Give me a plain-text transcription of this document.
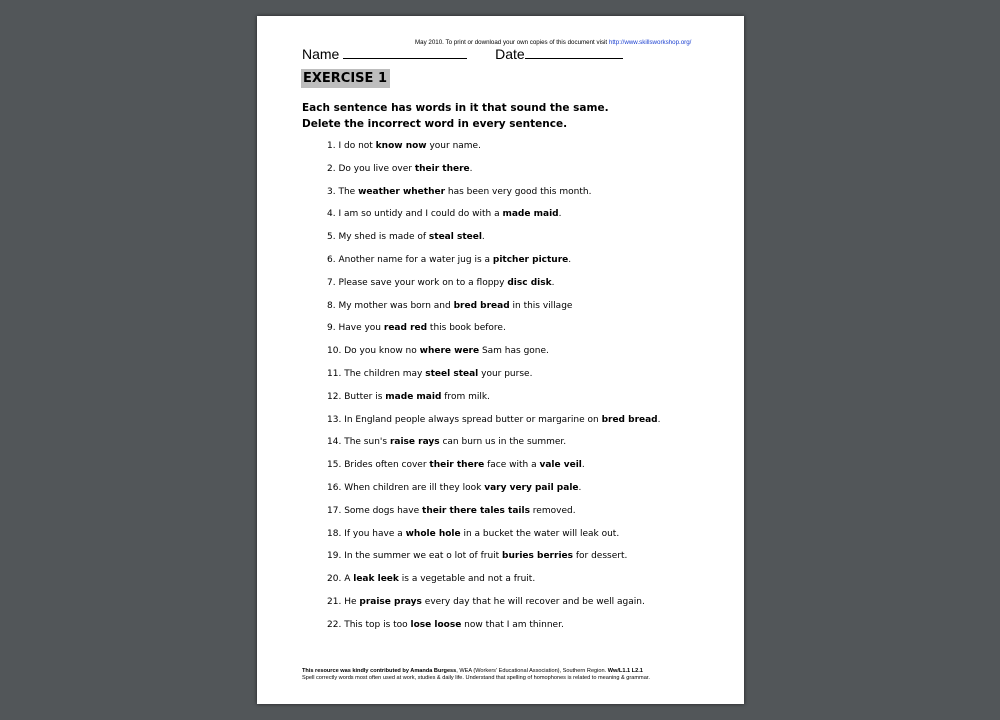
May 2010. To print or download your own copies of this document visit http://www.skillsworkshop.org/
Name	Date
EXERCISE 1
Each sentence has words in it that sound the same.
Delete the incorrect word in every sentence.
1. I do not know now your name.
2. Do you live over their there.
3. The weather whether has been very good this month.
4. I am so untidy and I could do with a made maid.
5. My shed is made of steal steel.
6. Another name for a water jug is a pitcher picture.
7. Please save your work on to a floppy disc disk.
8. My mother was born and bred bread in this village
9. Have you read red this book before.
10. Do you know no where were Sam has gone.
11. The children may steel steal your purse.
12. Butter is made maid from milk.
13. In England people always spread butter or margarine on bred bread.
14. The sun's raise rays can burn us in the summer.
15. Brides often cover their there face with a vale veil.
16. When children are ill they look vary very pail pale.
17. Some dogs have their there tales tails removed.
18. If you have a whole hole in a bucket the water will leak out.
19. In the summer we eat o lot of fruit buries berries for dessert.
20. A leak leek is a vegetable and not a fruit.
21. He praise prays every day that he will recover and be well again.
22. This top is too lose loose now that I am thinner.
This resource was kindly contributed by Amanda Burgess, WEA (Workers' Educational Association), Southern Region. Ww/L1.1 L2.1
Spell correctly words most often used at work, studies & daily life. Understand that spelling of homophones is related to meaning & grammar.
